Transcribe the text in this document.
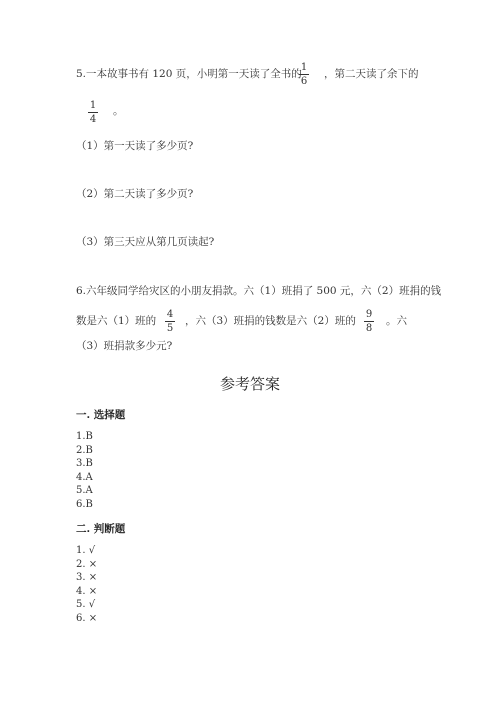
5.一本故事书有 120 页，小明第一天读了全书的
1
6
，第二天读了余下的
1
4
。
（1）第一天读了多少页?
（2）第二天读了多少页?
（3）第三天应从第几页读起?
6.六年级同学给灾区的小朋友捐款。六（1）班捐了 500 元，六（2）班捐的钱
数是六（1）班的
4
5
，六（3）班捐的钱数是六（2）班的
9
8
。六
（3）班捐款多少元?
参考答案
一. 选择题
1.B
2.B
3.B
4.A
5.A
6.B
二. 判断题
1. √
2. ×
3. ×
4. ×
5. √
6. ×
